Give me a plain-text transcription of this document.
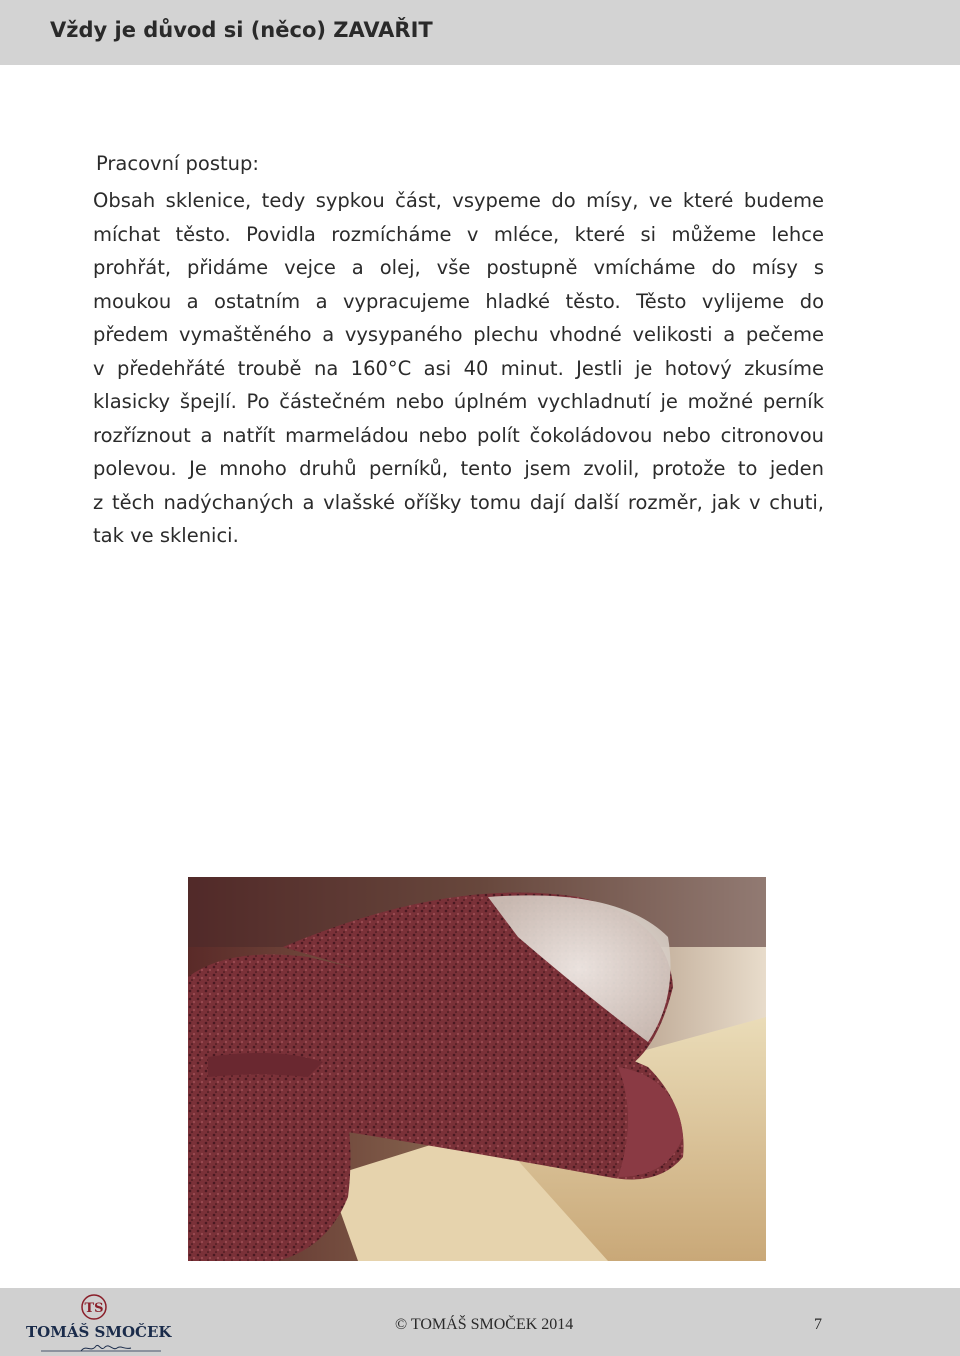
Vždy je důvod si (něco) ZAVAŘIT
Pracovní postup:
Obsah sklenice, tedy sypkou část, vsypeme do mísy, ve které budeme
míchat těsto. Povidla rozmícháme v mléce, které si můžeme lehce
prohřát, přidáme vejce a olej, vše postupně vmícháme do mísy s
moukou a ostatním a vypracujeme hladké těsto. Těsto vylijeme do
předem vymaštěného a vysypaného plechu vhodné velikosti a pečeme
v předehřáté troubě na 160°C asi 40 minut. Jestli je hotový zkusíme
klasicky špejlí. Po částečném nebo úplném vychladnutí je možné perník
rozříznout a natřít marmeládou nebo polít čokoládovou nebo citronovou
polevou. Je mnoho druhů perníků, tento jsem zvolil, protože to jeden
z těch nadýchaných a vlašské oříšky tomu dají další rozměr, jak v chuti,
tak ve sklenici.
TS
TOMÁŠ SMOČEK	© TOMÁŠ SMOČEK 2014	7
